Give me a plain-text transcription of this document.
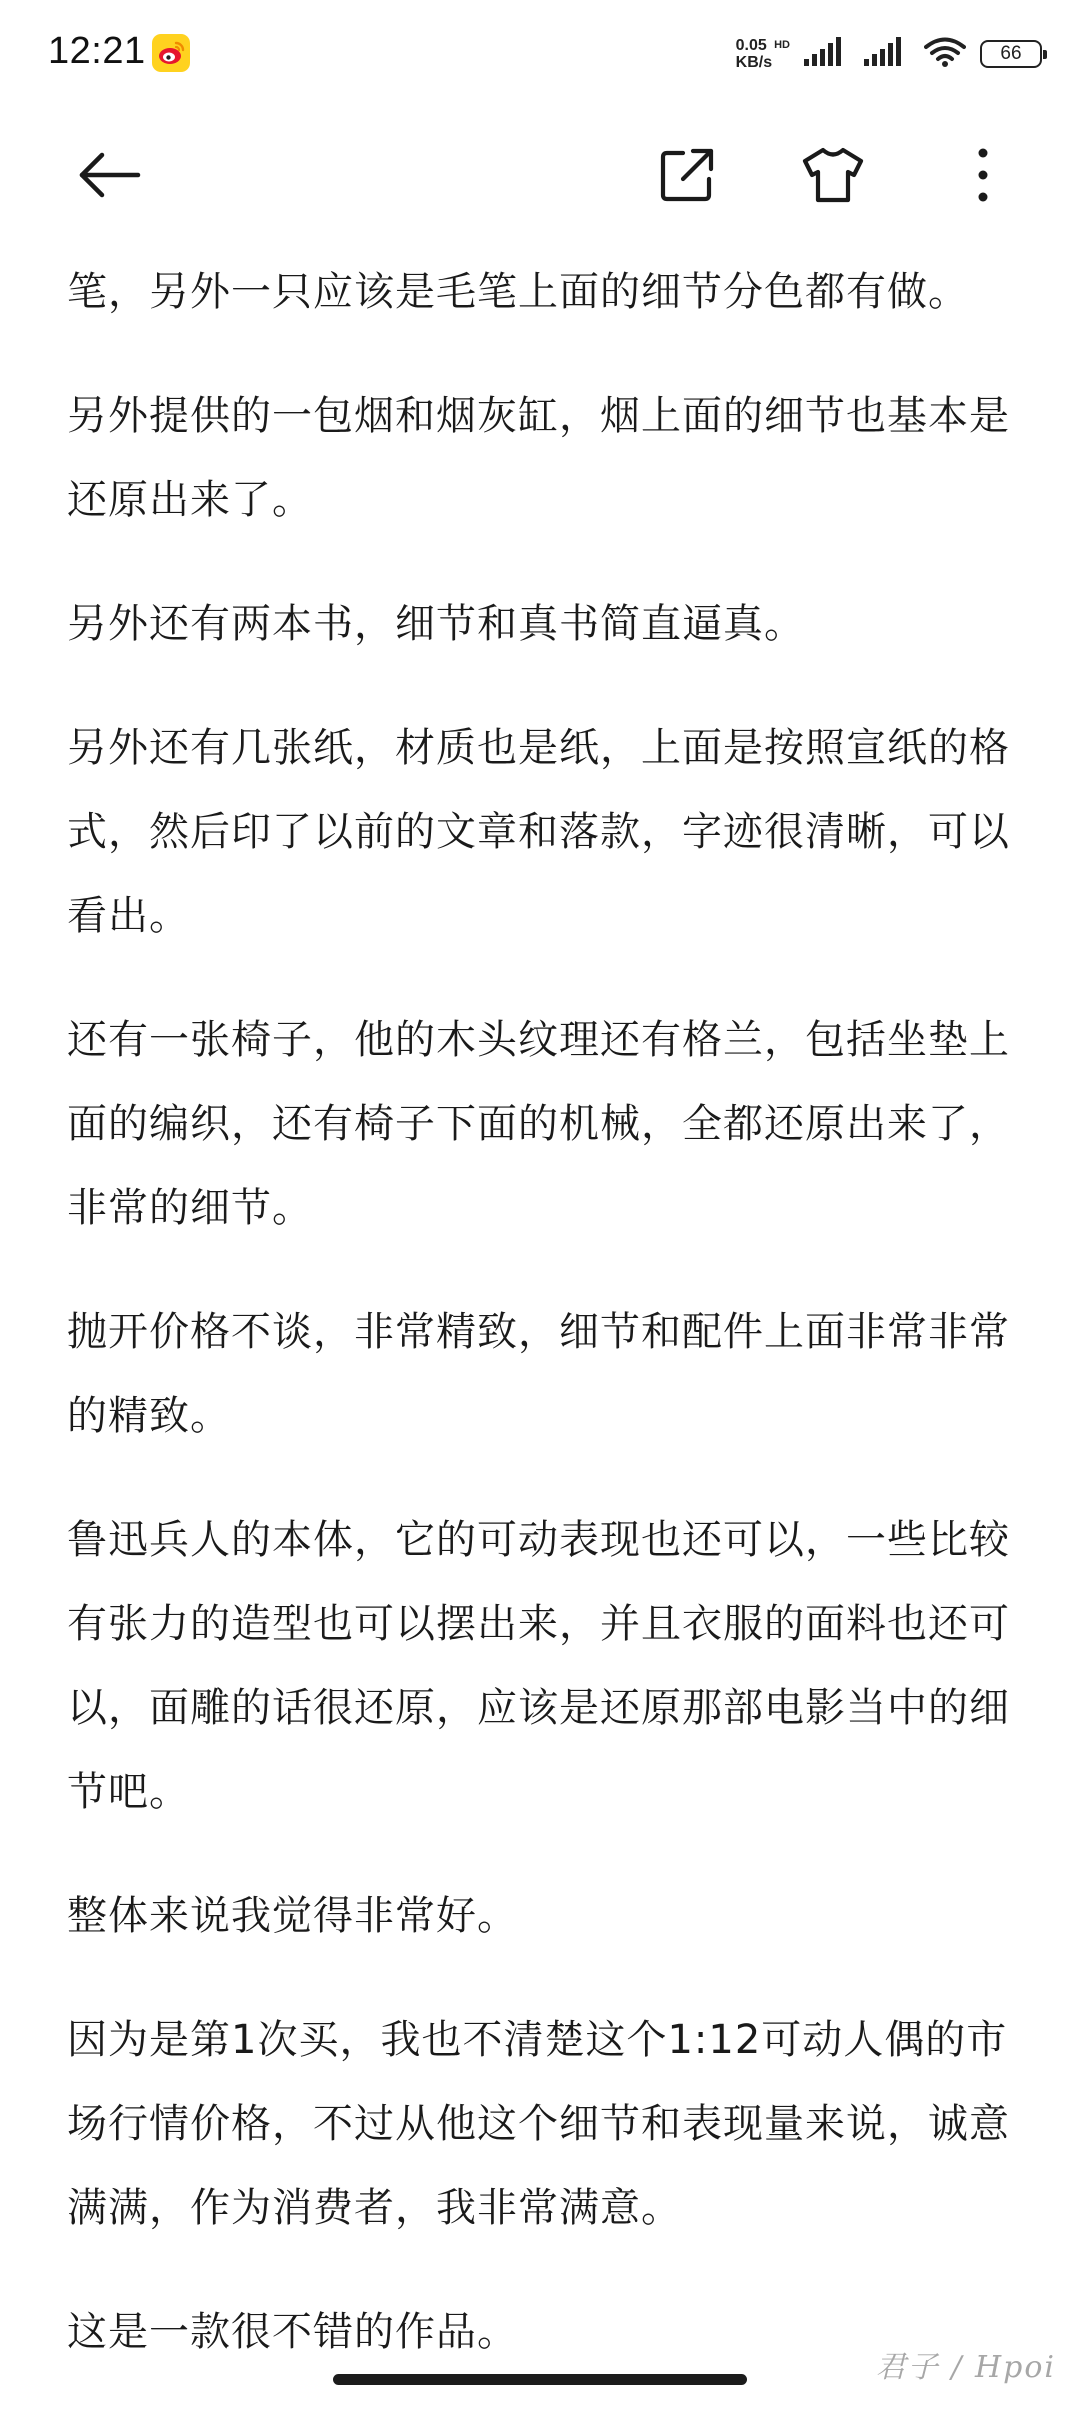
12:21	0.05
KB/s
HD	66

笔，另外一只应该是毛笔上面的细节分色都有做。

另外提供的一包烟和烟灰缸，烟上面的细节也基本是还原出来了。

另外还有两本书，细节和真书简直逼真。

另外还有几张纸，材质也是纸，上面是按照宣纸的格式，然后印了以前的文章和落款，字迹很清晰，可以看出。

还有一张椅子，他的木头纹理还有格兰，包括坐垫上面的编织，还有椅子下面的机械，全都还原出来了，非常的细节。

抛开价格不谈，非常精致，细节和配件上面非常非常的精致。

鲁迅兵人的本体，它的可动表现也还可以，一些比较有张力的造型也可以摆出来，并且衣服的面料也还可以，面雕的话很还原，应该是还原那部电影当中的细节吧。

整体来说我觉得非常好。

因为是第1次买，我也不清楚这个1:12可动人偶的市场行情价格，不过从他这个细节和表现量来说，诚意满满，作为消费者，我非常满意。

这是一款很不错的作品。

君子 / Hpoi
